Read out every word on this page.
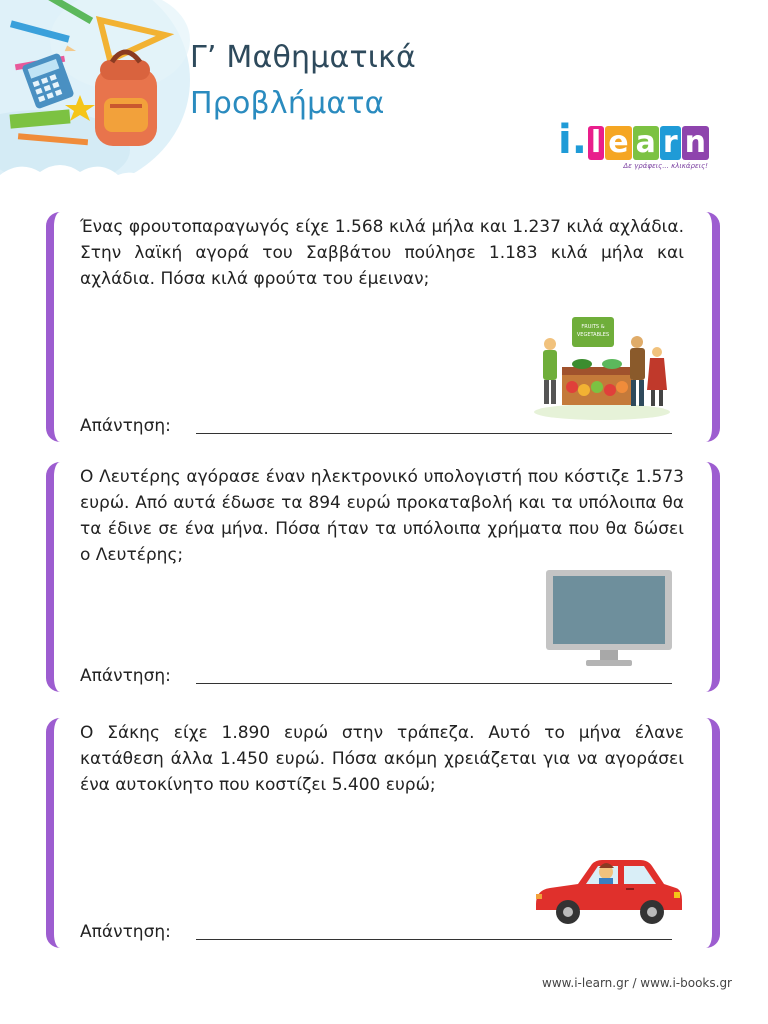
Γ’ Μαθηματικά
Προβλήματα
i . l e a r n
Δε γράφεις... κλικάρεις!
Ένας φρουτοπαραγωγός είχε 1.568 κιλά μήλα και 1.237 κιλά αχλάδια. Στην λαϊκή αγορά του Σαββάτου πούλησε 1.183 κιλά μήλα και αχλάδια. Πόσα κιλά φρούτα του έμειναν;
FRUITS &
VEGETABLES
Απάντηση:
Ο Λευτέρης αγόρασε έναν ηλεκτρονικό υπολογιστή που κόστιζε 1.573 ευρώ. Από αυτά έδωσε τα 894 ευρώ προκαταβολή και τα υπόλοιπα θα τα έδινε σε ένα μήνα. Πόσα ήταν τα υπόλοιπα χρήματα που θα δώσει ο Λευτέρης;
Απάντηση:
Ο Σάκης είχε 1.890 ευρώ στην τράπεζα. Αυτό το μήνα έλανε κατάθεση άλλα 1.450 ευρώ. Πόσα ακόμη χρειάζεται για να αγοράσει ένα αυτοκίνητο που κοστίζει 5.400 ευρώ;
Απάντηση:
www.i-learn.gr / www.i-books.gr
